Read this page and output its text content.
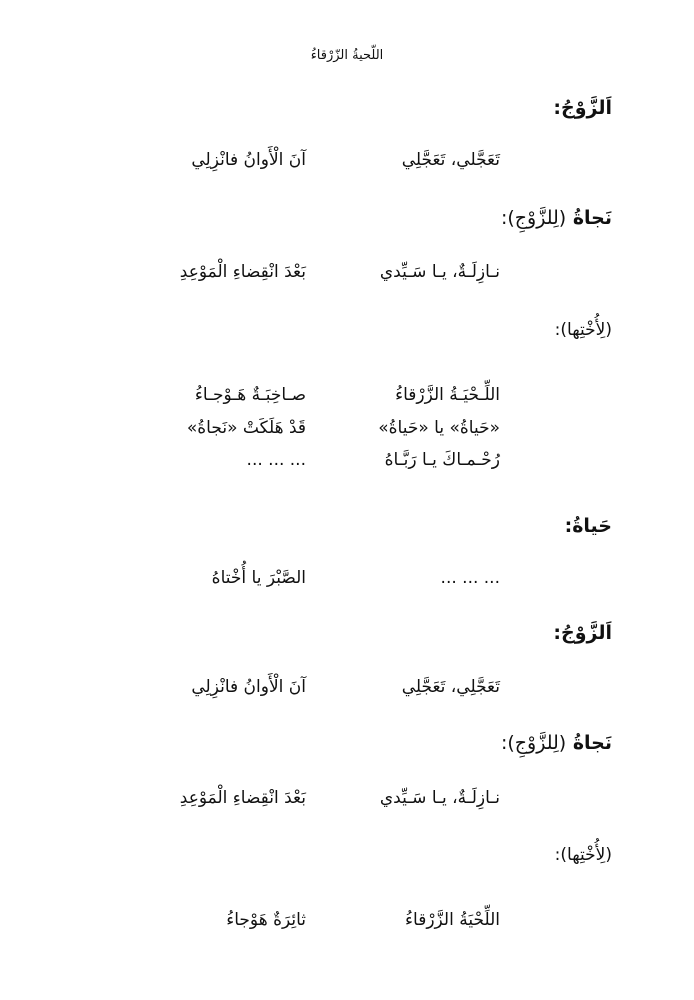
اللّحيةُ الزّرْقاءُ
اَلزَّوْجُ:
تَعَجَّلي، تَعَجَّلِي
آنَ الْأَوانُ فانْزِلِي
نَجاةُ (لِلزَّوْجِ):
نـازِلَـةٌ، يـا سَـيِّدي
بَعْدَ انْقِضاءِ الْمَوْعِدِ
(لِأُخْتِها):
اللِّـحْيَـةُ الزَّرْقاءُ
صـاخِبَـةٌ هَـوْجـاءُ
«حَياةُ» يا «حَياةُ»
قَدْ هَلَكَتْ «نَجاةُ»
رُحْـمـاكَ يـا رَبَّـاهُ
... ... ...
حَياةُ:
... ... ...
الصَّبْرَ يا أُخْتاهُ
اَلزَّوْجُ:
تَعَجَّلِي، تَعَجَّلِي
آنَ الْأَوانُ فانْزِلِي
نَجاةُ (لِلزَّوْجِ):
نـازِلَـةٌ، يـا سَـيِّدي
بَعْدَ انْقِضاءِ الْمَوْعِدِ
(لِأُخْتِها):
اللِّحْيَةُ الزَّرْقاءُ
ثائِرَةٌ هَوْجاءُ
